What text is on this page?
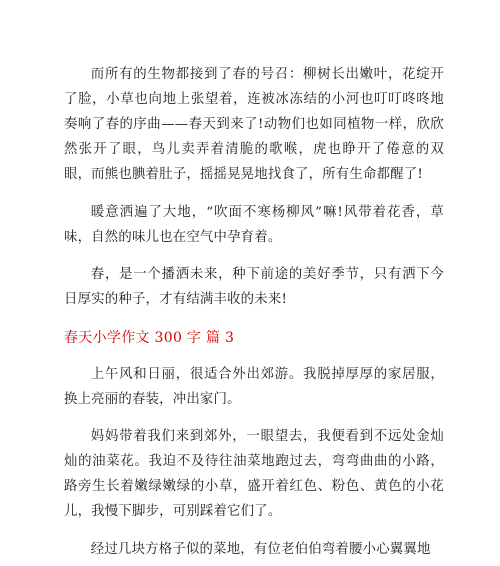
而所有的生物都接到了春的号召：柳树长出嫩叶，花绽开了脸，小草也向地上张望着，连被冰冻结的小河也叮叮咚咚地奏响了春的序曲——春天到来了!动物们也如同植物一样，欣欣然张开了眼，鸟儿卖弄着清脆的歌喉，虎也睁开了倦意的双眼，而熊也腆着肚子，摇摇晃晃地找食了，所有生命都醒了!

暖意洒遍了大地，“吹面不寒杨柳风”嘛!风带着花香，草味，自然的味儿也在空气中孕育着。

春，是一个播洒未来，种下前途的美好季节，只有洒下今日厚实的种子，才有结满丰收的未来!

春天小学作文 300 字 篇 3

上午风和日丽，很适合外出郊游。我脱掉厚厚的家居服，换上亮丽的春装，冲出家门。

妈妈带着我们来到郊外，一眼望去，我便看到不远处金灿灿的油菜花。我迫不及待往油菜地跑过去，弯弯曲曲的小路，路旁生长着嫩绿嫩绿的小草，盛开着红色、粉色、黄色的小花儿，我慢下脚步，可别踩着它们了。

经过几块方格子似的菜地，有位老伯伯弯着腰小心翼翼地
